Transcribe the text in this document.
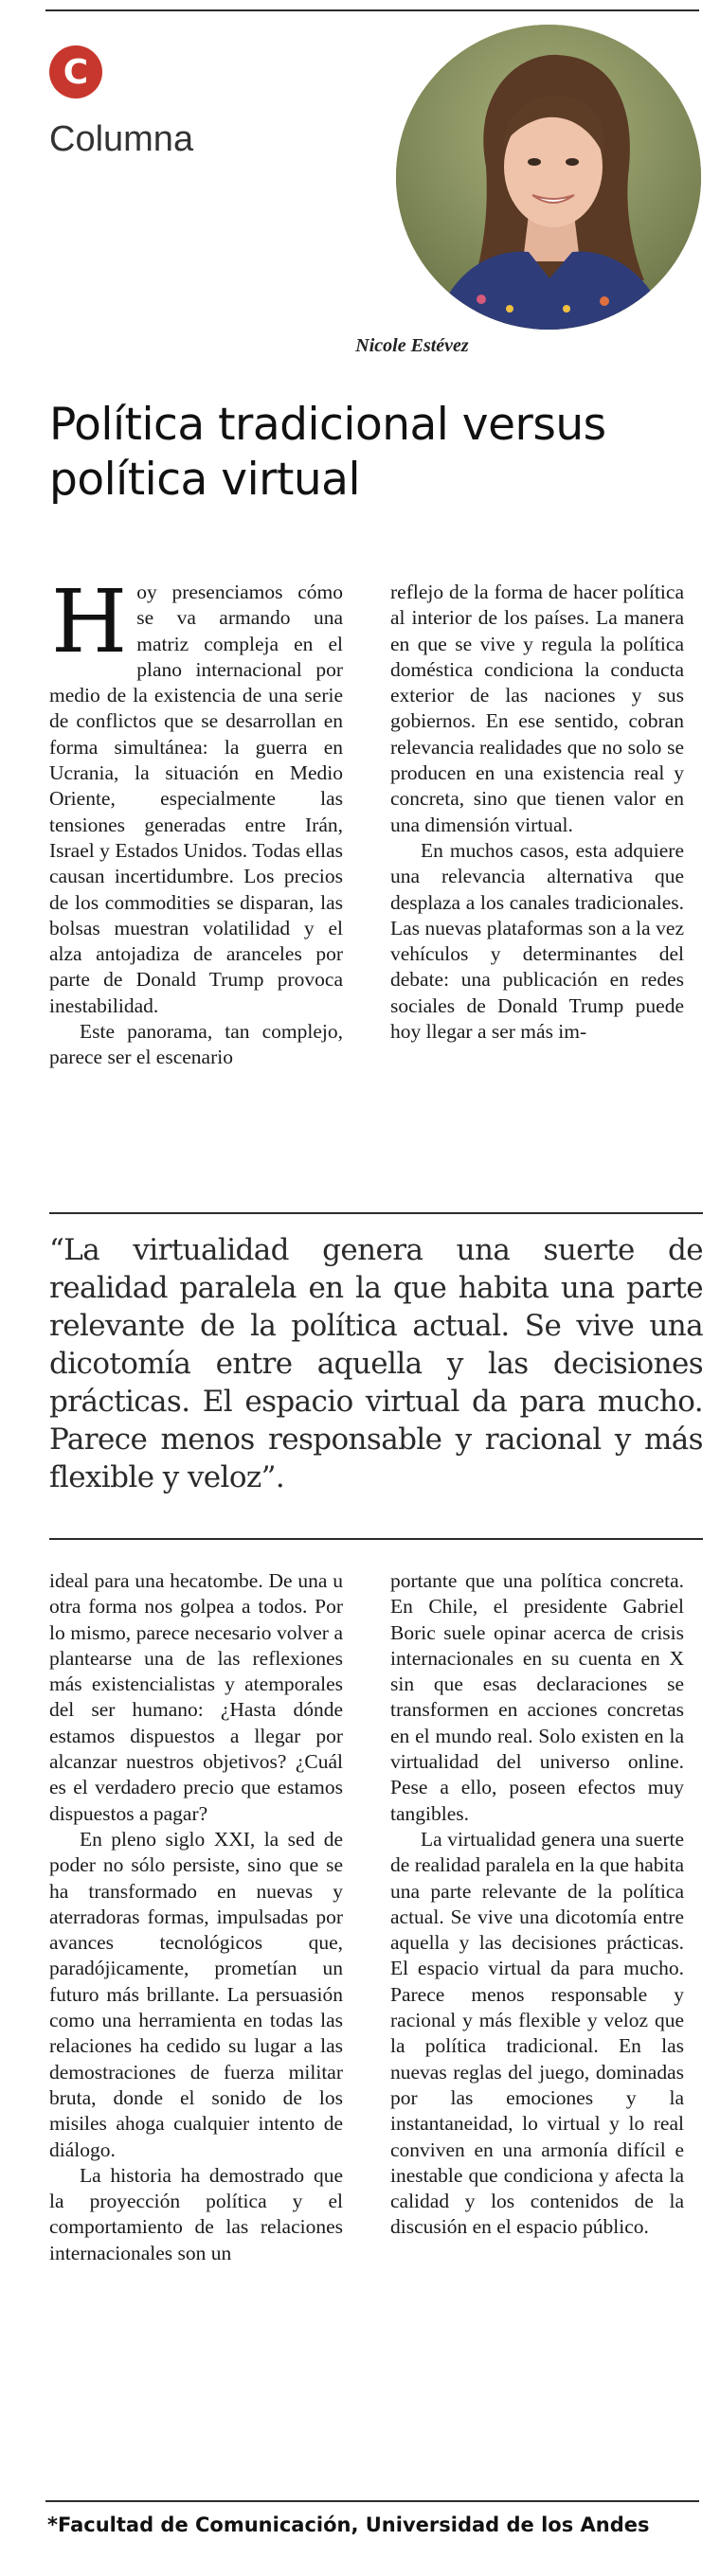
C
Columna
Nicole Estévez
Política tradicional versus política virtual
H oy presenciamos cómo se va armando una matriz compleja en el plano internacional por medio de la existencia de una serie de conflictos que se desarrollan en forma simultánea: la guerra en Ucrania, la situación en Medio Oriente, especialmente las tensiones generadas entre Irán, Israel y Estados Unidos. Todas ellas causan incertidumbre. Los precios de los commodities se disparan, las bolsas muestran volatilidad y el alza antojadiza de aranceles por parte de Donald Trump provoca inestabilidad.

Este panorama, tan complejo, parece ser el escenario

reflejo de la forma de hacer política al interior de los países. La manera en que se vive y regula la política doméstica condiciona la conducta exterior de las naciones y sus gobiernos. En ese sentido, cobran relevancia realidades que no solo se producen en una existencia real y concreta, sino que tienen valor en una dimensión virtual.

En muchos casos, esta adquiere una relevancia alternativa que desplaza a los canales tradicionales. Las nuevas plataformas son a la vez vehículos y determinantes del debate: una publicación en redes sociales de Donald Trump puede hoy llegar a ser más im-

“La virtualidad genera una suerte de realidad paralela en la que habita una parte relevante de la política actual. Se vive una dicotomía entre aquella y las decisiones prácticas. El espacio virtual da para mucho. Parece menos responsable y racional y más flexible y veloz”.

ideal para una hecatombe. De una u otra forma nos golpea a todos. Por lo mismo, parece necesario volver a plantearse una de las reflexiones más existencialistas y atemporales del ser humano: ¿Hasta dónde estamos dispuestos a llegar por alcanzar nuestros objetivos? ¿Cuál es el verdadero precio que estamos dispuestos a pagar?

En pleno siglo XXI, la sed de poder no sólo persiste, sino que se ha transformado en nuevas y aterradoras formas, impulsadas por avances tecnológicos que, paradójicamente, prometían un futuro más brillante. La persuasión como una herramienta en todas las relaciones ha cedido su lugar a las demostraciones de fuerza militar bruta, donde el sonido de los misiles ahoga cualquier intento de diálogo.

La historia ha demostrado que la proyección política y el comportamiento de las relaciones internacionales son un

portante que una política concreta. En Chile, el presidente Gabriel Boric suele opinar acerca de crisis internacionales en su cuenta en X sin que esas declaraciones se transformen en acciones concretas en el mundo real. Solo existen en la virtualidad del universo online. Pese a ello, poseen efectos muy tangibles.

La virtualidad genera una suerte de realidad paralela en la que habita una parte relevante de la política actual. Se vive una dicotomía entre aquella y las decisiones prácticas. El espacio virtual da para mucho. Parece menos responsable y racional y más flexible y veloz que la política tradicional. En las nuevas reglas del juego, dominadas por las emociones y la instantaneidad, lo virtual y lo real conviven en una armonía difícil e inestable que condiciona y afecta la calidad y los contenidos de la discusión en el espacio público.

*Facultad de Comunicación, Universidad de los Andes
